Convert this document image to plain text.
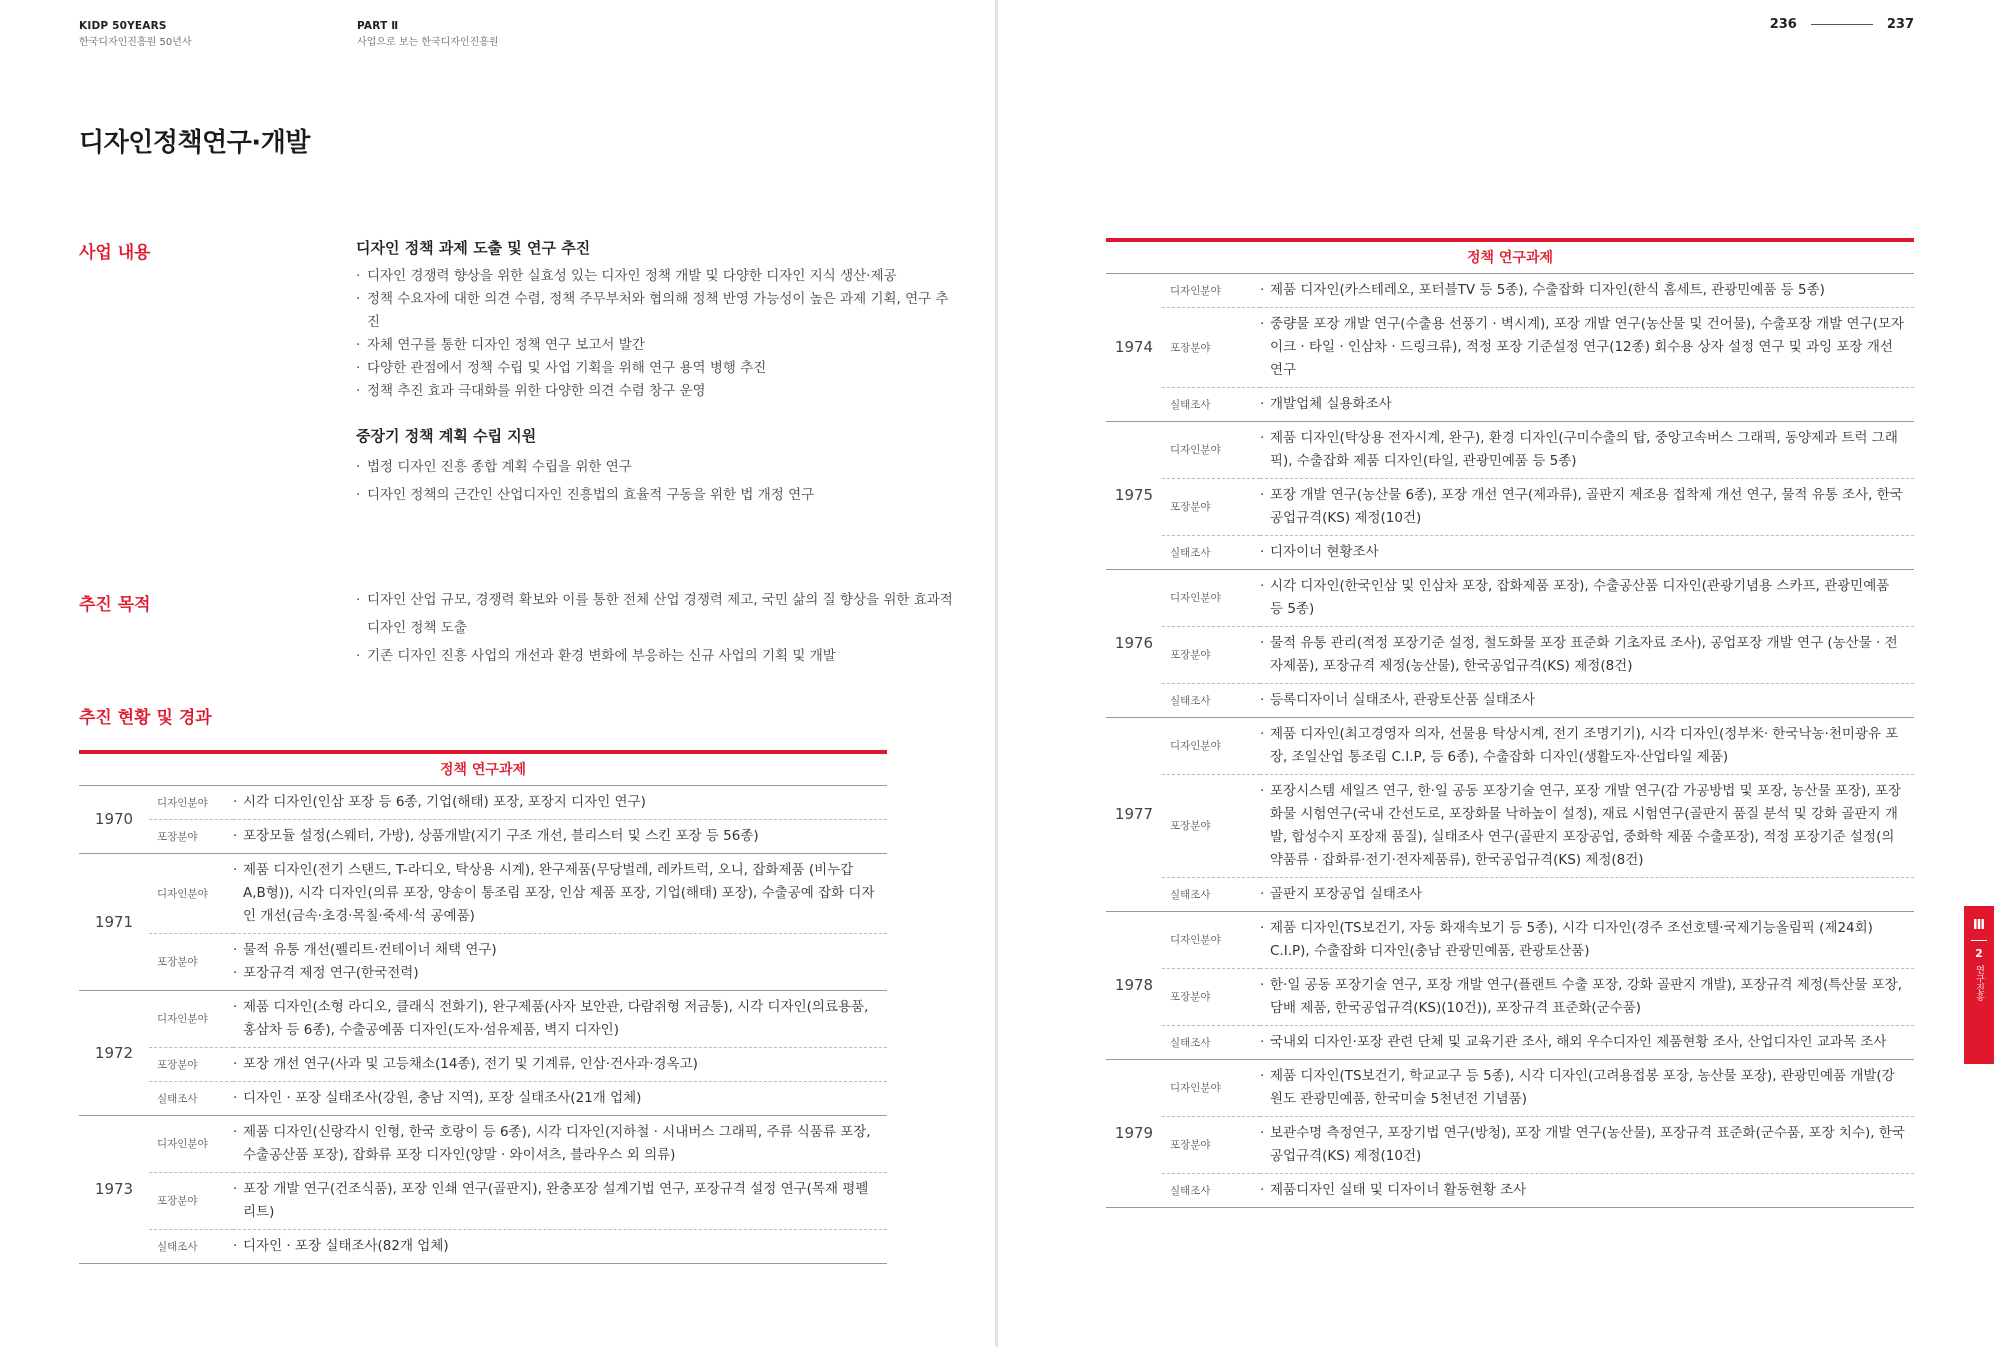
KIDP 50YEARS
한국디자인진흥원 50년사
PART Ⅱ
사업으로 보는 한국디자인진흥원
디자인정책연구·개발
사업 내용	디자인 정책 과제 도출 및 연구 추진
· 디자인 경쟁력 향상을 위한 실효성 있는 디자인 정책 개발 및 다양한 디자인 지식 생산·제공
· 정책 수요자에 대한 의견 수렴, 정책 주무부처와 협의해 정책 반영 가능성이 높은 과제 기획, 연구 추진
· 자체 연구를 통한 디자인 정책 연구 보고서 발간
· 다양한 관점에서 정책 수립 및 사업 기획을 위해 연구 용역 병행 추진
· 정책 추진 효과 극대화를 위한 다양한 의견 수렴 창구 운영
중장기 정책 계획 수립 지원
· 법정 디자인 진흥 종합 계획 수립을 위한 연구
· 디자인 정책의 근간인 산업디자인 진흥법의 효율적 구동을 위한 법 개정 연구
추진 목적	· 디자인 산업 규모, 경쟁력 확보와 이를 통한 전체 산업 경쟁력 제고, 국민 삶의 질 향상을 위한 효과적 디자인 정책 도출
· 기존 디자인 진흥 사업의 개선과 환경 변화에 부응하는 신규 사업의 기획 및 개발
추진 현황 및 경과
정책 연구과제		
1970	디자인분야	· 시각 디자인(인삼 포장 등 6종, 기업(해태) 포장, 포장지 디자인 연구)

	포장분야	· 포장모듈 설정(스웨터, 가방), 상품개발(지기 구조 개선, 블리스터 및 스킨 포장 등 56종)

1971	디자인분야	· 제품 디자인(전기 스탠드, T-라디오, 탁상용 시계), 완구제품(무당벌레, 레카트럭, 오니, 잡화제품 (비누갑 A,B형)), 시각 디자인(의류 포장, 양송이 통조림 포장, 인삼 제품 포장, 기업(해태) 포장), 수출공예 잡화 디자인 개선(금속·초경·목칠·죽세·석 공예품)

	포장분야	· 물적 유통 개선(펠리트·컨테이너 채택 연구)
· 포장규격 제정 연구(한국전력)

1972	디자인분야	· 제품 디자인(소형 라디오, 클래식 전화기), 완구제품(사자 보안관, 다람쥐형 저금통), 시각 디자인(의료용품, 홍삼차 등 6종), 수출공예품 디자인(도자·섬유제품, 벽지 디자인)

	포장분야	· 포장 개선 연구(사과 및 고등채소(14종), 전기 및 기계류, 인삼·건사과·경옥고)

	실태조사	· 디자인 · 포장 실태조사(강원, 충남 지역), 포장 실태조사(21개 업체)

1973	디자인분야	· 제품 디자인(신랑각시 인형, 한국 호랑이 등 6종), 시각 디자인(지하철 · 시내버스 그래픽, 주류 식품류 포장, 수출공산품 포장), 잡화류 포장 디자인(양말 · 와이셔츠, 블라우스 외 의류)

	포장분야	· 포장 개발 연구(건조식품), 포장 인쇄 연구(골판지), 완충포장 설계기법 연구, 포장규격 설정 연구(목재 평펠리트)

	실태조사	· 디자인 · 포장 실태조사(82개 업체)
236	237
정책 연구과제		
1974	디자인분야	· 제품 디자인(카스테레오, 포터블TV 등 5종), 수출잡화 디자인(한식 홈세트, 관광민예품 등 5종)

	포장분야	· 중량물 포장 개발 연구(수출용 선풍기 · 벽시계), 포장 개발 연구(농산물 및 건어물), 수출포장 개발 연구(모자이크 · 타일 · 인삼차 · 드링크류), 적정 포장 기준설정 연구(12종) 회수용 상자 설정 연구 및 과잉 포장 개선 연구

	실태조사	· 개발업체 실용화조사

1975	디자인분야	· 제품 디자인(탁상용 전자시계, 완구), 환경 디자인(구미수출의 탑, 중앙고속버스 그래픽, 동양제과 트럭 그래픽), 수출잡화 제품 디자인(타일, 관광민예품 등 5종)

	포장분야	· 포장 개발 연구(농산물 6종), 포장 개선 연구(제과류), 골판지 제조용 접착제 개선 연구, 물적 유통 조사, 한국공업규격(KS) 제정(10건)

	실태조사	· 디자이너 현황조사

1976	디자인분야	· 시각 디자인(한국인삼 및 인삼차 포장, 잡화제품 포장), 수출공산품 디자인(관광기념용 스카프, 관광민예품 등 5종)

	포장분야	· 물적 유통 관리(적정 포장기준 설정, 철도화물 포장 표준화 기초자료 조사), 공업포장 개발 연구 (농산물 · 전자제품), 포장규격 제정(농산물), 한국공업규격(KS) 제정(8건)

	실태조사	· 등록디자이너 실태조사, 관광토산품 실태조사

1977	디자인분야	· 제품 디자인(최고경영자 의자, 선물용 탁상시계, 전기 조명기기), 시각 디자인(정부米· 한국낙농·천미광유 포장, 조일산업 통조림 C.I.P, 등 6종), 수출잡화 디자인(생활도자·산업타일 제품)

	포장분야	· 포장시스템 세일즈 연구, 한·일 공동 포장기술 연구, 포장 개발 연구(감 가공방법 및 포장, 농산물 포장), 포장화물 시험연구(국내 간선도로, 포장화물 낙하높이 설정), 재료 시험연구(골판지 품질 분석 및 강화 골판지 개발, 합성수지 포장재 품질), 실태조사 연구(골판지 포장공업, 중화학 제품 수출포장), 적정 포장기준 설정(의약품류 · 잡화류·전기·전자제품류), 한국공업규격(KS) 제정(8건)

	실태조사	· 골판지 포장공업 실태조사

1978	디자인분야	· 제품 디자인(TS보건기, 자동 화재속보기 등 5종), 시각 디자인(경주 조선호텔·국제기능올림픽 (제24회) C.I.P), 수출잡화 디자인(충남 관광민예품, 관광토산품)

	포장분야	· 한·일 공동 포장기술 연구, 포장 개발 연구(플랜트 수출 포장, 강화 골판지 개발), 포장규격 제정(특산물 포장, 담배 제품, 한국공업규격(KS)(10건)), 포장규격 표준화(군수품)

	실태조사	· 국내외 디자인·포장 관련 단체 및 교육기관 조사, 해외 우수디자인 제품현황 조사, 산업디자인 교과목 조사

1979	디자인분야	· 제품 디자인(TS보건기, 학교교구 등 5종), 시각 디자인(고려용접봉 포장, 농산물 포장), 관광민예품 개발(강원도 관광민예품, 한국미술 5천년전 기념품)

	포장분야	· 보관수명 측정연구, 포장기법 연구(방청), 포장 개발 연구(농산물), 포장규격 표준화(군수품, 포장 치수), 한국공업규격(KS) 제정(10건)

	실태조사	· 제품디자인 실태 및 디자이너 활동현황 조사
Ⅲ
2
연구진흥
